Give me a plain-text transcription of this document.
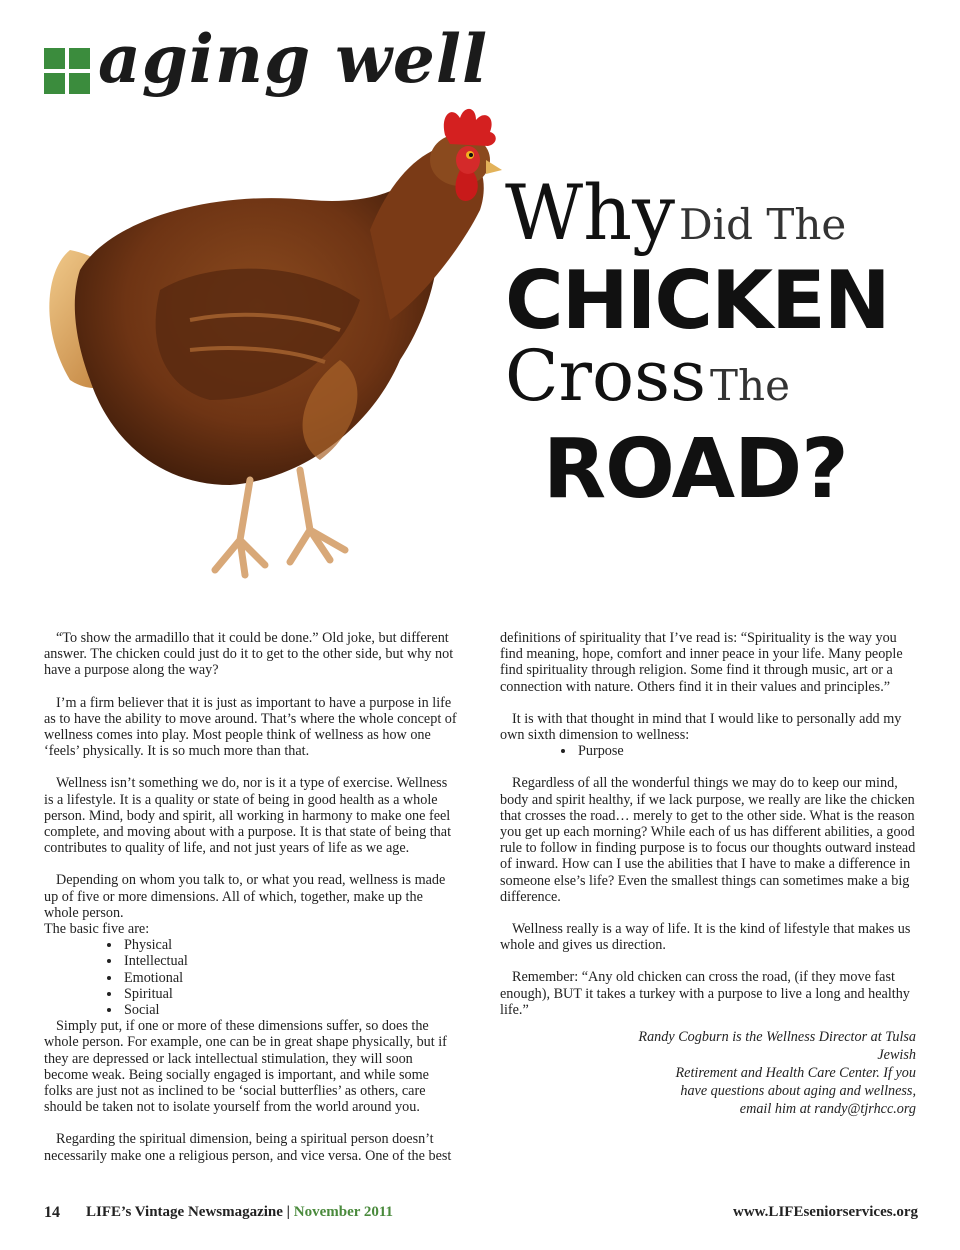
aging well
Why Did The
CHICKEN
Cross The
ROAD?

“To show the armadillo that it could be done.” Old joke, but different answer. The chicken could just do it to get to the other side, but why not have a purpose along the way?

I’m a firm believer that it is just as important to have a purpose in life as to have the ability to move around. That’s where the whole concept of wellness comes into play. Most people think of wellness as how one ‘feels’ physically. It is so much more than that.

Wellness isn’t something we do, nor is it a type of exercise. Wellness is a lifestyle. It is a quality or state of being in good health as a whole person. Mind, body and spirit, all working in harmony to make one feel complete, and moving about with a purpose. It is that state of being that contributes to quality of life, and not just years of life as we age.

Depending on whom you talk to, or what you read, wellness is made up of five or more dimensions. All of which, together, make up the whole person.

The basic five are:

• Physical
• Intellectual
• Emotional
• Spiritual
• Social

Simply put, if one or more of these dimensions suffer, so does the whole person. For example, one can be in great shape physically, but if they are depressed or lack intellectual stimulation, they will soon become weak. Being socially engaged is important, and while some folks are just not as inclined to be ‘social butterflies’ as others, care should be taken not to isolate yourself from the world around you.

Regarding the spiritual dimension, being a spiritual person doesn’t necessarily make one a religious person, and vice versa. One of the best

definitions of spirituality that I’ve read is: “Spirituality is the way you find meaning, hope, comfort and inner peace in your life. Many people find spirituality through religion. Some find it through music, art or a connection with nature. Others find it in their values and principles.”

It is with that thought in mind that I would like to personally add my own sixth dimension to wellness:

• Purpose

Regardless of all the wonderful things we may do to keep our mind, body and spirit healthy, if we lack purpose, we really are like the chicken that crosses the road… merely to get to the other side. What is the reason you get up each morning? While each of us has different abilities, a good rule to follow in finding purpose is to focus our thoughts outward instead of inward. How can I use the abilities that I have to make a difference in someone else’s life? Even the smallest things can sometimes make a big difference.

Wellness really is a way of life. It is the kind of lifestyle that makes us whole and gives us direction.

Remember: “Any old chicken can cross the road, (if they move fast enough), BUT it takes a turkey with a purpose to live a long and healthy life.”

Randy Cogburn is the Wellness Director at Tulsa Jewish
Retirement and Health Care Center. If you
have questions about aging and wellness,
email him at randy@tjrhcc.org
14 LIFE’s Vintage Newsmagazine | November 2011	www.LIFEseniorservices.org
